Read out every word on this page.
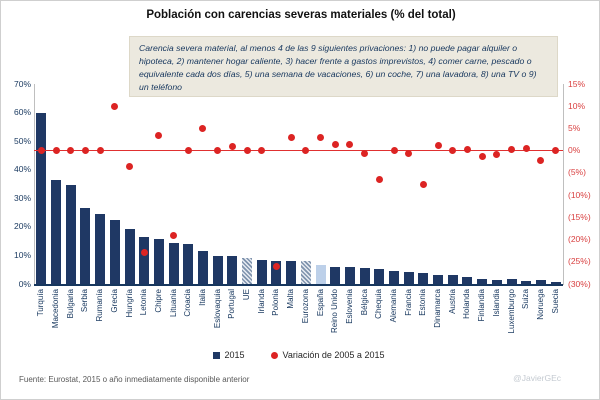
Población con carencias severas materiales (% del total)
Carencia severa material, al menos 4 de las 9 siguientes privaciones: 1) no puede pagar alquiler o hipoteca, 2) mantener hogar caliente, 3) hacer frente a gastos imprevistos, 4) comer carne, pescado o equivalente cada dos días, 5) una semana de vacaciones, 6) un coche, 7) una lavadora, 8) una TV o 9) un teléfono
2015	Variación de 2005 a 2015
Fuente: Eurostat, 2015 o año inmediatamente disponible anterior	@JavierGEc
0%
10%
20%
30%
40%
50%
60%
70%	15%
10%
5%
0%
(5%)
(10%)
(15%)
(20%)
(25%)
(30%)
Turquía Macedonia Bulgaria Serbia Rumanía Grecia Hungría Letonia Chipre Lituania Croacia Italia Eslovaquia Portugal UE Irlanda Polonia Malta Eurozona España Reino Unido Eslovenia Bélgica Chequia Alemania Francia Estonia Dinamarca Austria Holanda Finlandia Islandia Luxemburgo Suiza Noruega Suecia
